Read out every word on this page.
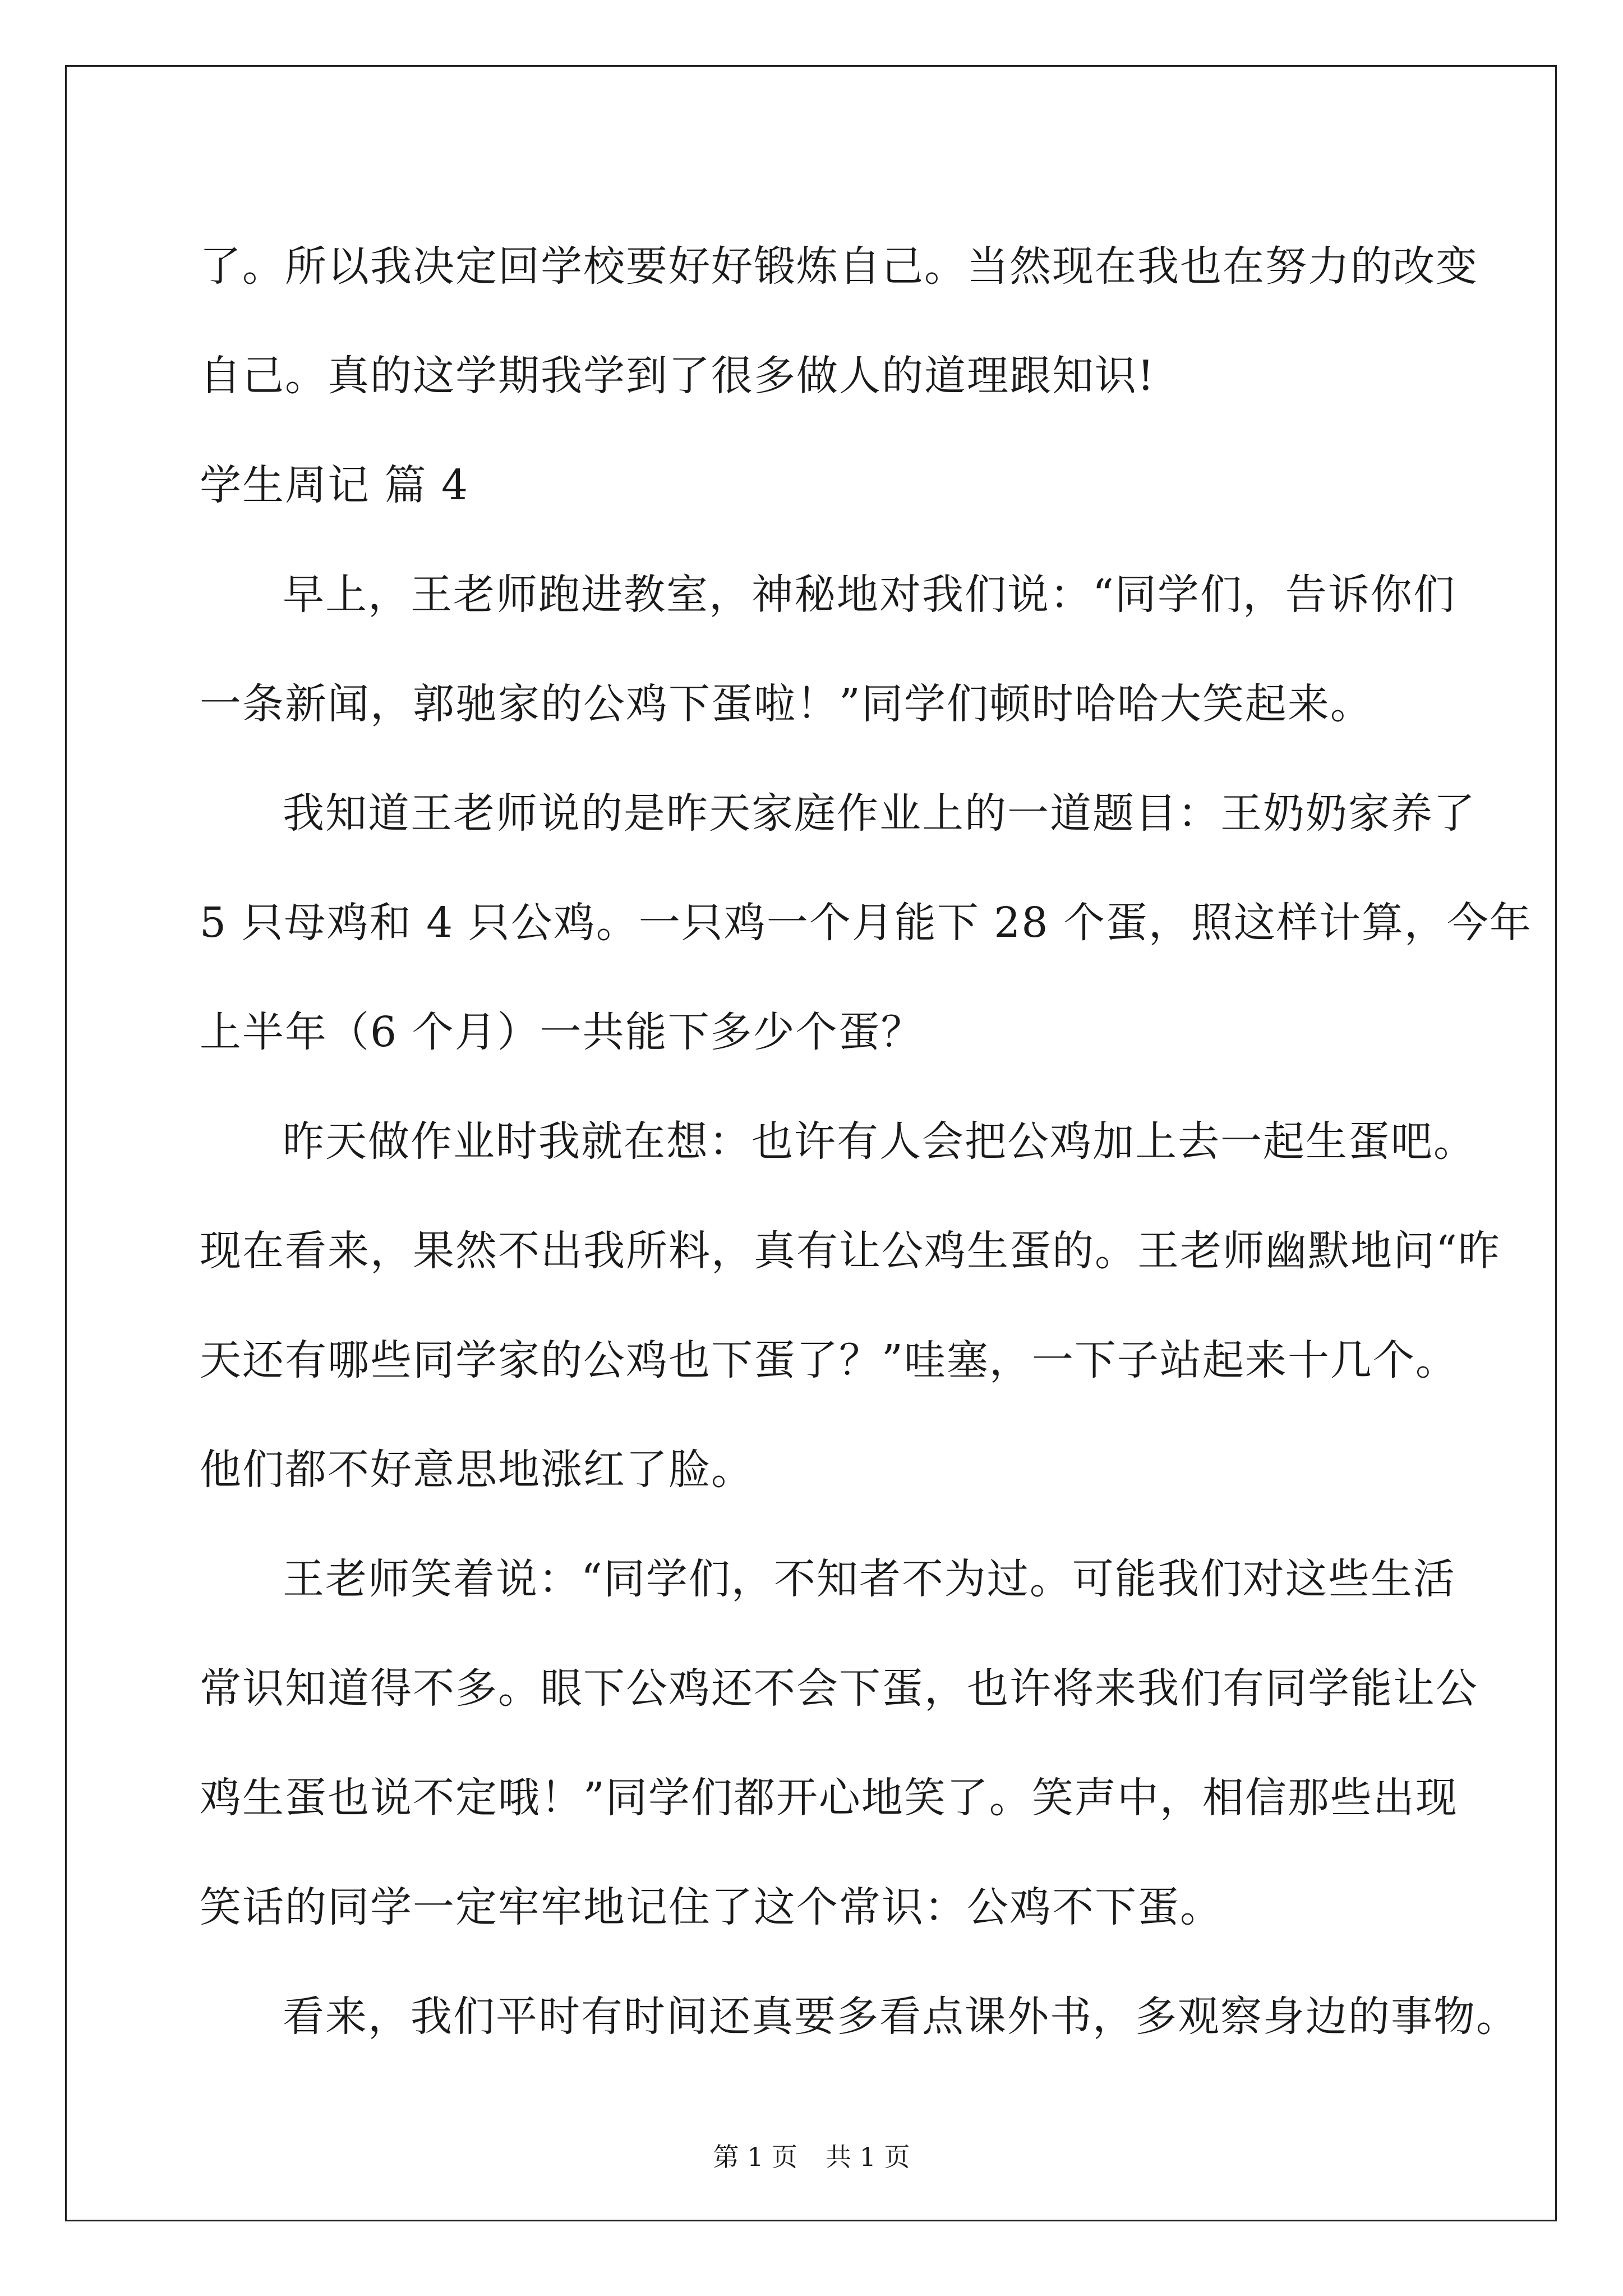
了。所以我决定回学校要好好锻炼自己。当然现在我也在努力的改变
自己。真的这学期我学到了很多做人的道理跟知识!
学生周记 篇 4
早上，王老师跑进教室，神秘地对我们说：“同学们，告诉你们
一条新闻，郭驰家的公鸡下蛋啦！”同学们顿时哈哈大笑起来。
我知道王老师说的是昨天家庭作业上的一道题目：王奶奶家养了
5 只母鸡和 4 只公鸡。一只鸡一个月能下 28 个蛋，照这样计算，今年
上半年（6 个月）一共能下多少个蛋？
昨天做作业时我就在想：也许有人会把公鸡加上去一起生蛋吧。
现在看来，果然不出我所料，真有让公鸡生蛋的。王老师幽默地问“昨
天还有哪些同学家的公鸡也下蛋了？”哇塞，一下子站起来十几个。
他们都不好意思地涨红了脸。
王老师笑着说：“同学们，不知者不为过。可能我们对这些生活
常识知道得不多。眼下公鸡还不会下蛋，也许将来我们有同学能让公
鸡生蛋也说不定哦！”同学们都开心地笑了。笑声中，相信那些出现
笑话的同学一定牢牢地记住了这个常识：公鸡不下蛋。
看来，我们平时有时间还真要多看点课外书，多观察身边的事物。
第 1 页 共 1 页
